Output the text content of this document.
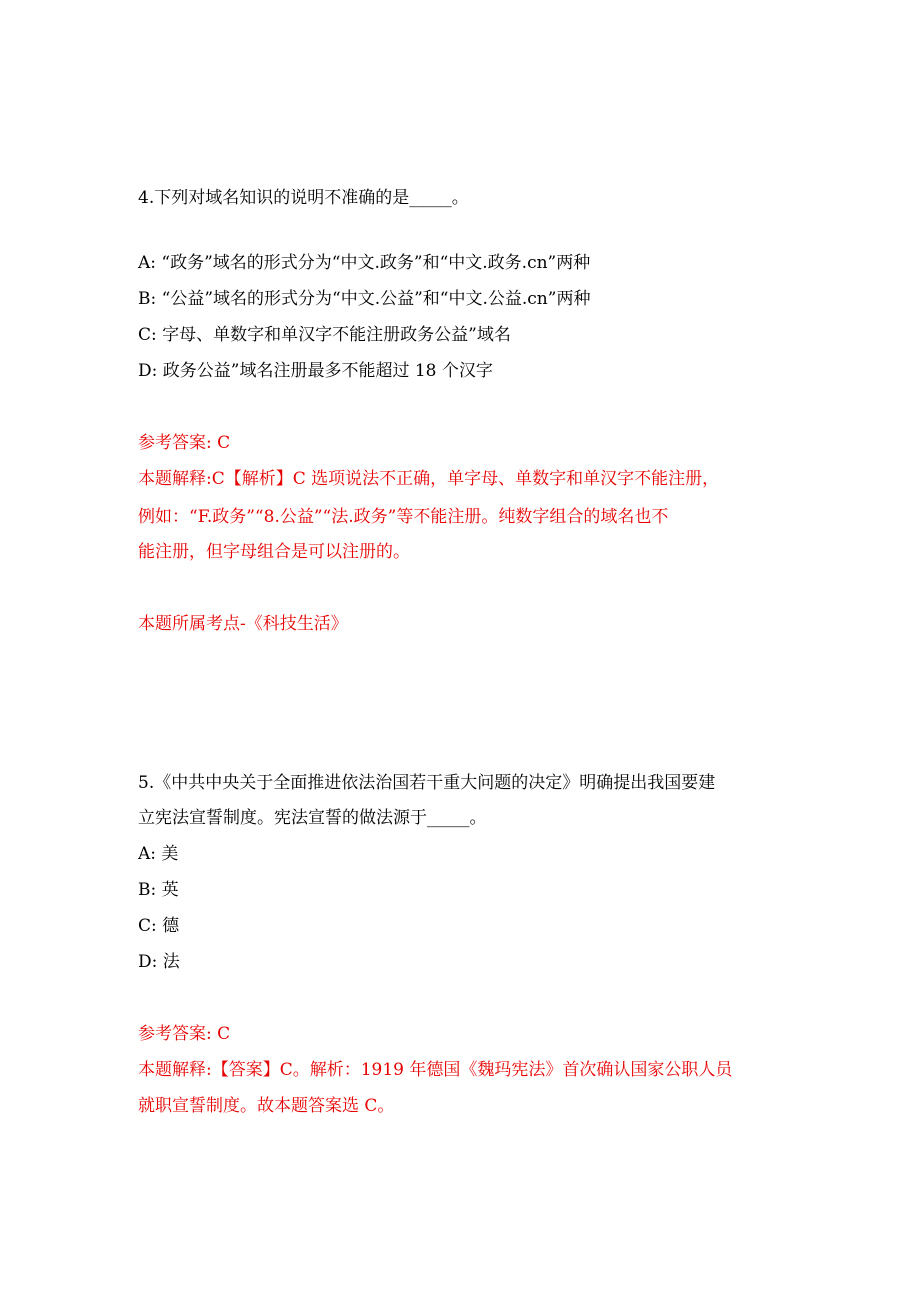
4.下列对域名知识的说明不准确的是_____。
A: “政务”域名的形式分为“中文.政务”和“中文.政务.cn”两种
B: “公益”域名的形式分为“中文.公益”和“中文.公益.cn”两种
C: 字母、单数字和单汉字不能注册政务公益”域名
D: 政务公益”域名注册最多不能超过 18 个汉字
参考答案: C
本题解释:C【解析】C 选项说法不正确，单字母、单数字和单汉字不能注册，
例如：“F.政务”“8.公益”“法.政务”等不能注册。纯数字组合的域名也不
能注册，但字母组合是可以注册的。
本题所属考点-《科技生活》
5.《中共中央关于全面推进依法治国若干重大问题的决定》明确提出我国要建
立宪法宣誓制度。宪法宣誓的做法源于_____。
A: 美
B: 英
C: 德
D: 法
参考答案: C
本题解释:【答案】C。解析：1919 年德国《魏玛宪法》首次确认国家公职人员
就职宣誓制度。故本题答案选 C。
